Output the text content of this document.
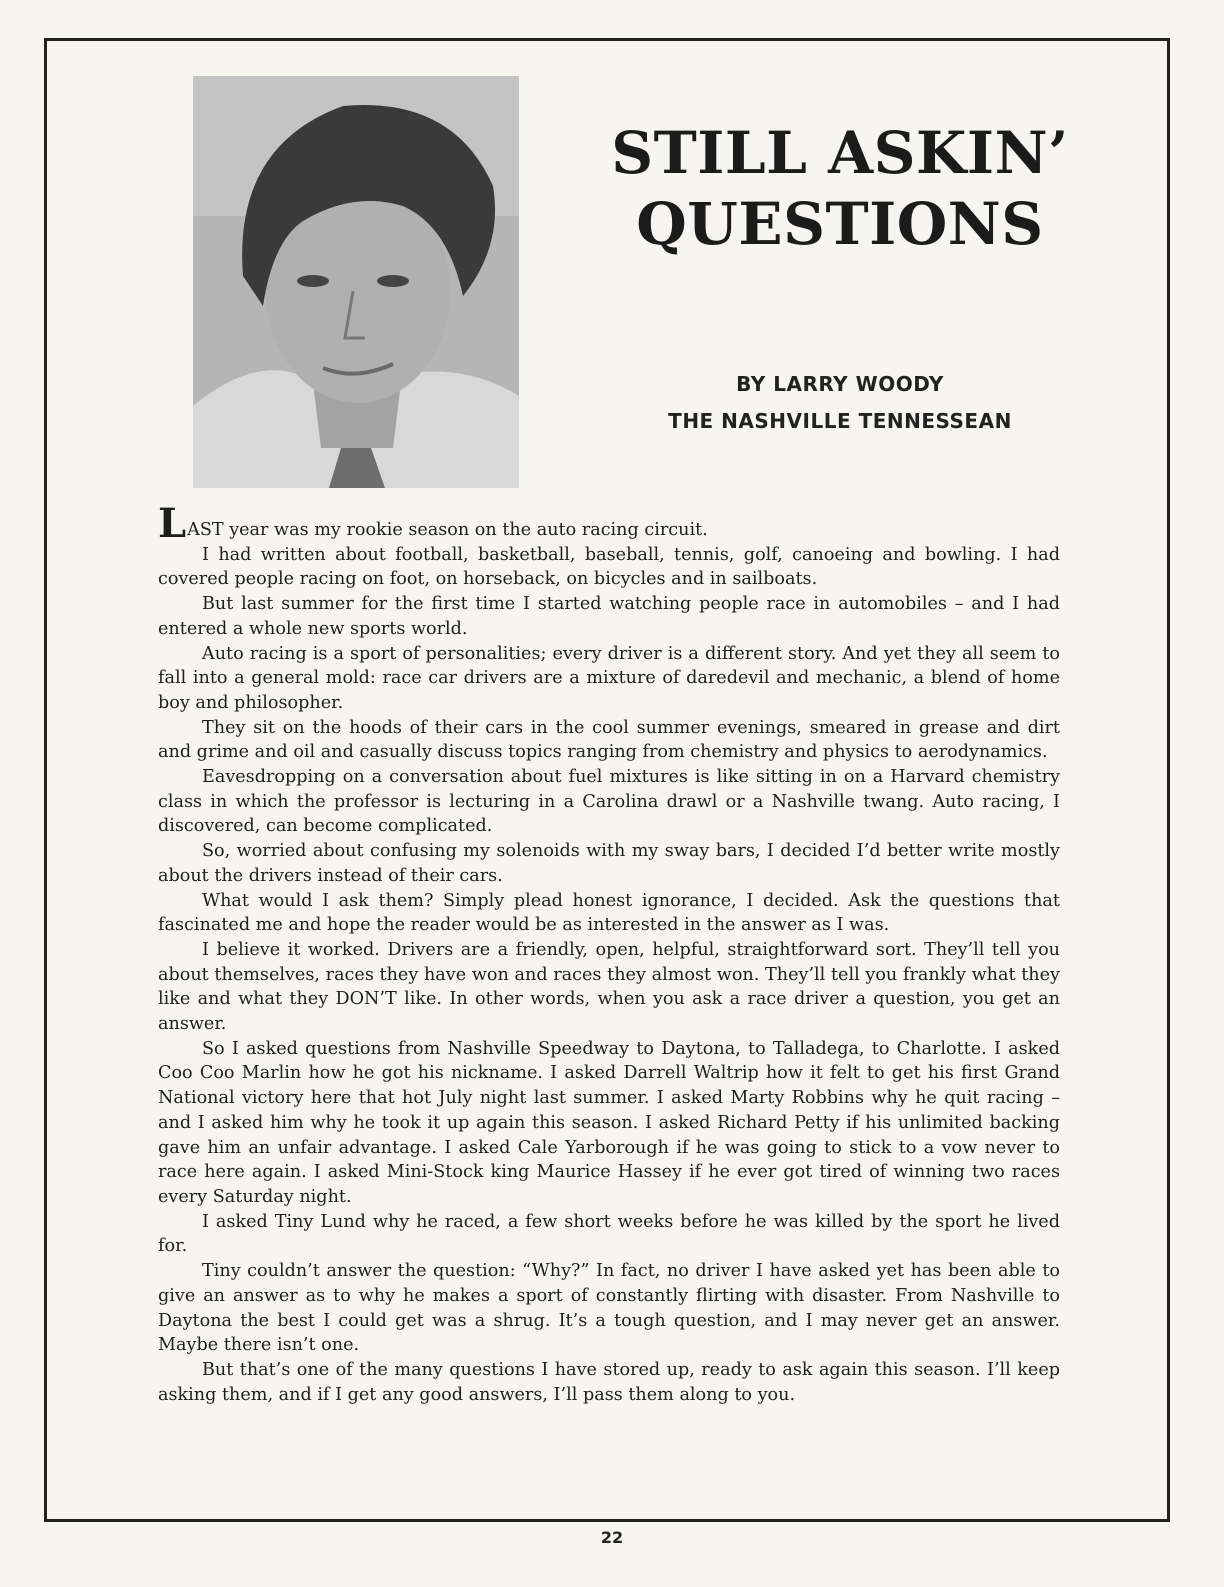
STILL ASKIN’
QUESTIONS
BY LARRY WOODY
THE NASHVILLE TENNESSEAN

LAST year was my rookie season on the auto racing circuit.

I had written about football, basketball, baseball, tennis, golf, canoeing and bowling. I had covered people racing on foot, on horseback, on bicycles and in sailboats.

But last summer for the first time I started watching people race in automobiles – and I had entered a whole new sports world.

Auto racing is a sport of personalities; every driver is a different story. And yet they all seem to fall into a general mold: race car drivers are a mixture of daredevil and mechanic, a blend of home boy and philosopher.

They sit on the hoods of their cars in the cool summer evenings, smeared in grease and dirt and grime and oil and casually discuss topics ranging from chemistry and physics to aerodynamics.

Eavesdropping on a conversation about fuel mixtures is like sitting in on a Harvard chemistry class in which the professor is lecturing in a Carolina drawl or a Nashville twang. Auto racing, I discovered, can become complicated.

So, worried about confusing my solenoids with my sway bars, I decided I’d better write mostly about the drivers instead of their cars.

What would I ask them? Simply plead honest ignorance, I decided. Ask the questions that fascinated me and hope the reader would be as interested in the answer as I was.

I believe it worked. Drivers are a friendly, open, helpful, straightforward sort. They’ll tell you about themselves, races they have won and races they almost won. They’ll tell you frankly what they like and what they DON’T like. In other words, when you ask a race driver a question, you get an answer.

So I asked questions from Nashville Speedway to Daytona, to Talladega, to Charlotte. I asked Coo Coo Marlin how he got his nickname. I asked Darrell Waltrip how it felt to get his first Grand National victory here that hot July night last summer. I asked Marty Robbins why he quit racing – and I asked him why he took it up again this season. I asked Richard Petty if his unlimited backing gave him an unfair advantage. I asked Cale Yarborough if he was going to stick to a vow never to race here again. I asked Mini-Stock king Maurice Hassey if he ever got tired of winning two races every Saturday night.

I asked Tiny Lund why he raced, a few short weeks before he was killed by the sport he lived for.

Tiny couldn’t answer the question: “Why?” In fact, no driver I have asked yet has been able to give an answer as to why he makes a sport of constantly flirting with disaster. From Nashville to Daytona the best I could get was a shrug. It’s a tough question, and I may never get an answer. Maybe there isn’t one.

But that’s one of the many questions I have stored up, ready to ask again this season. I’ll keep asking them, and if I get any good answers, I’ll pass them along to you.

22
